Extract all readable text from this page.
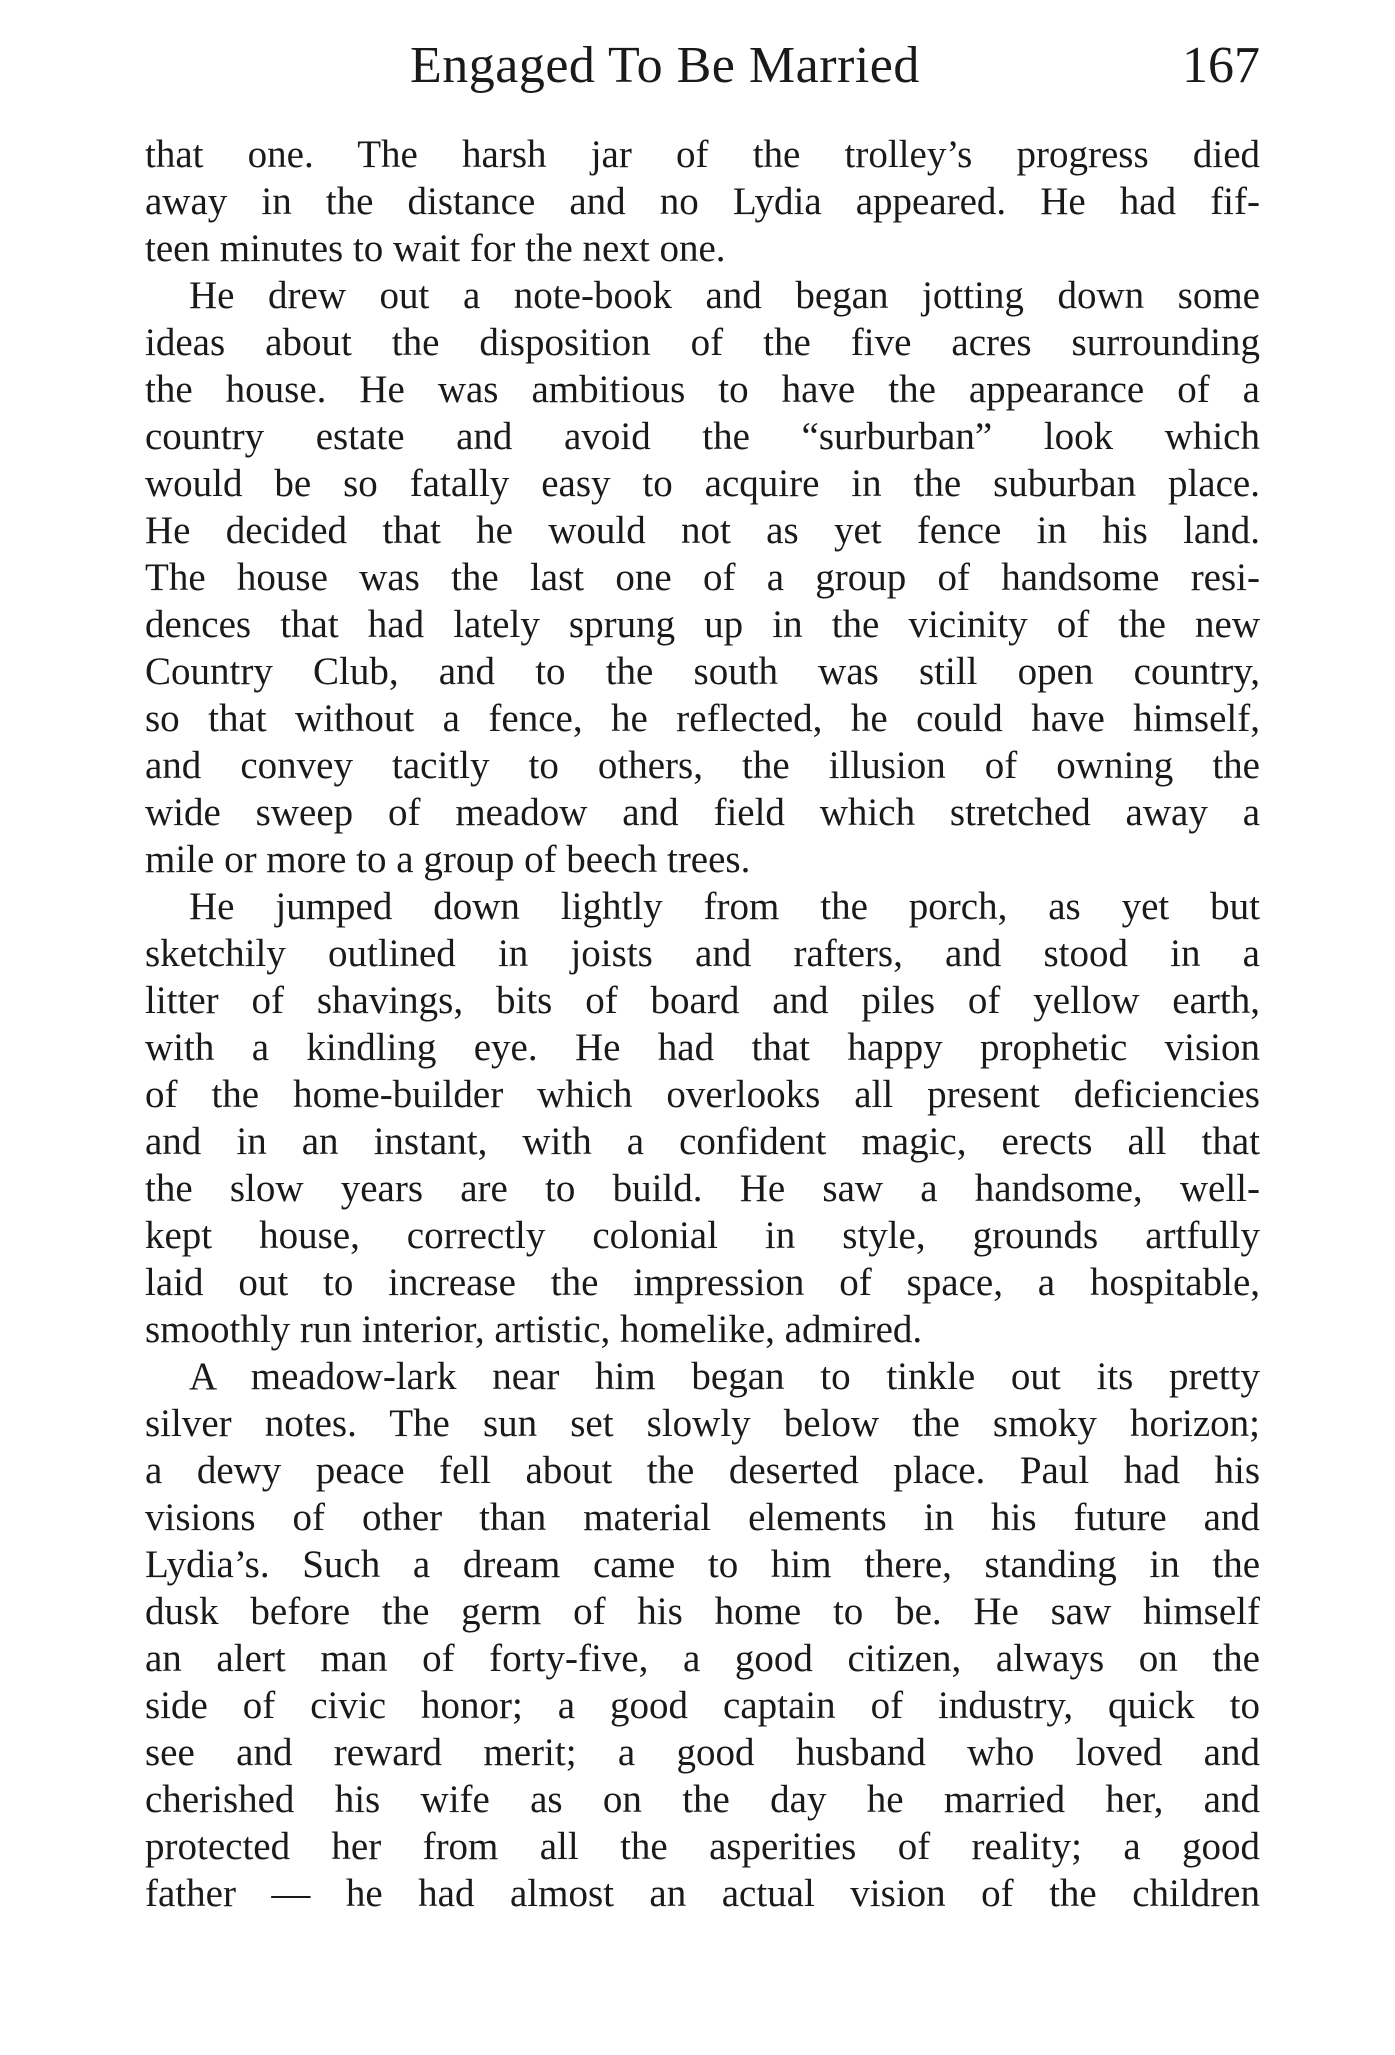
Engaged To Be Married	167
that one. The harsh jar of the trolley’s progress died
away in the distance and no Lydia appeared. He had fif-
teen minutes to wait for the next one.
He drew out a note-book and began jotting down some
ideas about the disposition of the five acres surrounding
the house. He was ambitious to have the appearance of a
country estate and avoid the “surburban” look which
would be so fatally easy to acquire in the suburban place.
He decided that he would not as yet fence in his land.
The house was the last one of a group of handsome resi-
dences that had lately sprung up in the vicinity of the new
Country Club, and to the south was still open country,
so that without a fence, he reflected, he could have himself,
and convey tacitly to others, the illusion of owning the
wide sweep of meadow and field which stretched away a
mile or more to a group of beech trees.
He jumped down lightly from the porch, as yet but
sketchily outlined in joists and rafters, and stood in a
litter of shavings, bits of board and piles of yellow earth,
with a kindling eye. He had that happy prophetic vision
of the home-builder which overlooks all present deficiencies
and in an instant, with a confident magic, erects all that
the slow years are to build. He saw a handsome, well-
kept house, correctly colonial in style, grounds artfully
laid out to increase the impression of space, a hospitable,
smoothly run interior, artistic, homelike, admired.
A meadow-lark near him began to tinkle out its pretty
silver notes. The sun set slowly below the smoky horizon;
a dewy peace fell about the deserted place. Paul had his
visions of other than material elements in his future and
Lydia’s. Such a dream came to him there, standing in the
dusk before the germ of his home to be. He saw himself
an alert man of forty-five, a good citizen, always on the
side of civic honor; a good captain of industry, quick to
see and reward merit; a good husband who loved and
cherished his wife as on the day he married her, and
protected her from all the asperities of reality; a good
father — he had almost an actual vision of the children
